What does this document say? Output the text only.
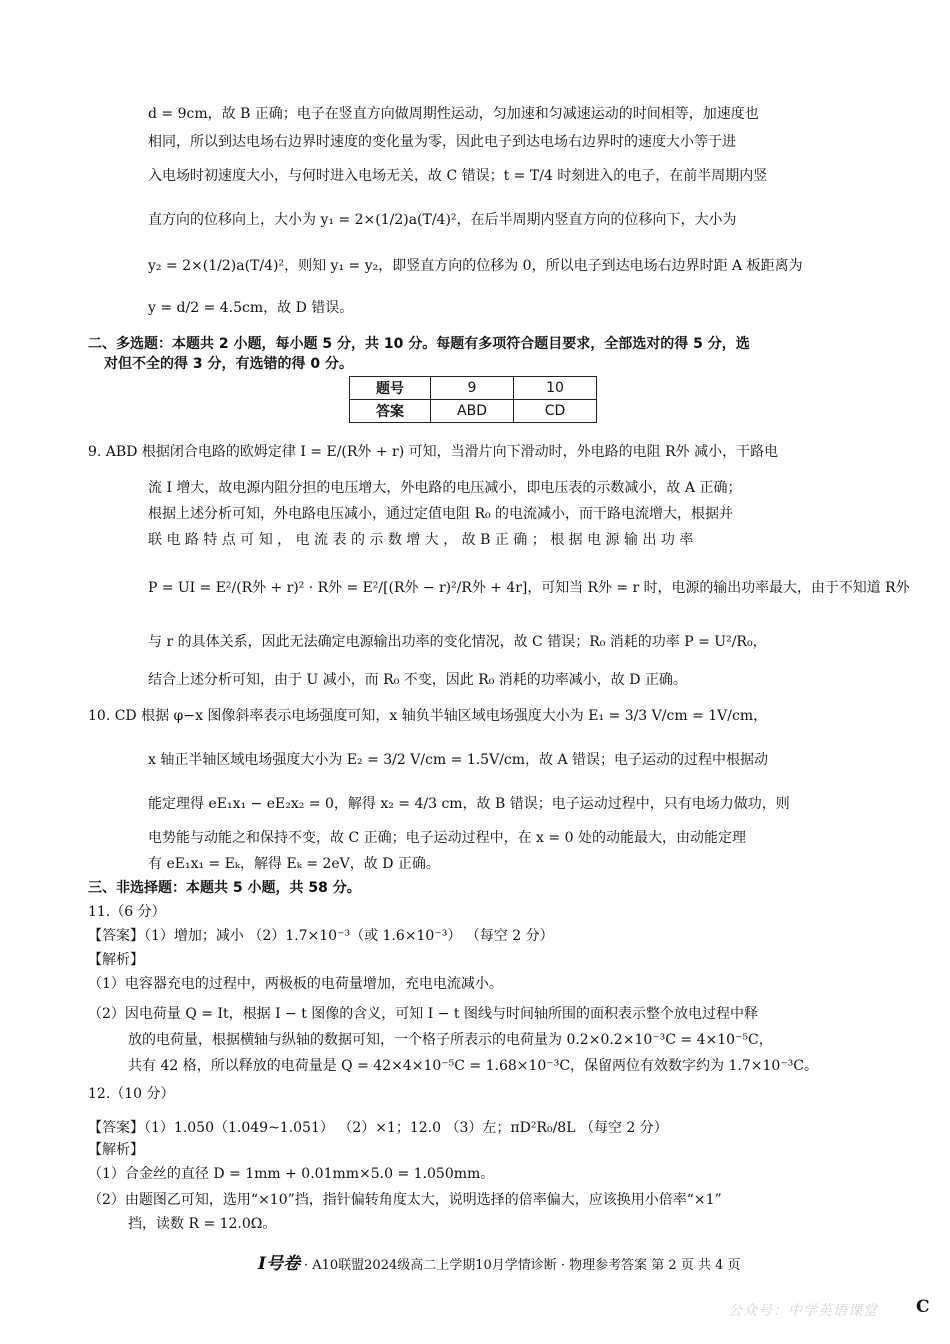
d = 9cm，故 B 正确；电子在竖直方向做周期性运动，匀加速和匀减速运动的时间相等，加速度也
相同，所以到达电场右边界时速度的变化量为零，因此电子到达电场右边界时的速度大小等于进
入电场时初速度大小，与何时进入电场无关，故 C 错误；t = T/4 时刻进入的电子，在前半周期内竖
直方向的位移向上，大小为 y₁ = 2×(1/2)a(T/4)²，在后半周期内竖直方向的位移向下，大小为
y₂ = 2×(1/2)a(T/4)²，则知 y₁ = y₂，即竖直方向的位移为 0，所以电子到达电场右边界时距 A 板距离为
y = d/2 = 4.5cm，故 D 错误。
二、多选题：本题共 2 小题，每小题 5 分，共 10 分。每题有多项符合题目要求，全部选对的得 5 分，选
对但不全的得 3 分，有选错的得 0 分。
题号	9	10
答案	ABD	CD
9. ABD 根据闭合电路的欧姆定律 I = E/(R外 + r) 可知，当滑片向下滑动时，外电路的电阻 R外 减小，干路电
流 I 增大，故电源内阻分担的电压增大，外电路的电压减小，即电压表的示数减小，故 A 正确；
根据上述分析可知，外电路电压减小，通过定值电阻 R₀ 的电流减小，而干路电流增大，根据并
联 电 路 特 点 可 知 ， 电 流 表 的 示 数 增 大 ， 故 B 正 确 ； 根 据 电 源 输 出 功 率
P = UI = E²/(R外 + r)² · R外 = E²/[(R外 − r)²/R外 + 4r]，可知当 R外 = r 时，电源的输出功率最大，由于不知道 R外
与 r 的具体关系，因此无法确定电源输出功率的变化情况，故 C 错误；R₀ 消耗的功率 P = U²/R₀，
结合上述分析可知，由于 U 减小，而 R₀ 不变，因此 R₀ 消耗的功率减小，故 D 正确。
10. CD 根据 φ−x 图像斜率表示电场强度可知，x 轴负半轴区域电场强度大小为 E₁ = 3/3 V/cm = 1V/cm，
x 轴正半轴区域电场强度大小为 E₂ = 3/2 V/cm = 1.5V/cm，故 A 错误；电子运动的过程中根据动
能定理得 eE₁x₁ − eE₂x₂ = 0，解得 x₂ = 4/3 cm，故 B 错误；电子运动过程中，只有电场力做功，则
电势能与动能之和保持不变，故 C 正确；电子运动过程中，在 x = 0 处的动能最大，由动能定理
有 eE₁x₁ = Eₖ，解得 Eₖ = 2eV，故 D 正确。
三、非选择题：本题共 5 小题，共 58 分。
11.（6 分）
【答案】（1）增加；减小 （2）1.7×10⁻³（或 1.6×10⁻³） （每空 2 分）
【解析】
（1）电容器充电的过程中，两极板的电荷量增加，充电电流减小。
（2）因电荷量 Q = It，根据 I − t 图像的含义，可知 I − t 图线与时间轴所围的面积表示整个放电过程中释
放的电荷量，根据横轴与纵轴的数据可知，一个格子所表示的电荷量为 0.2×0.2×10⁻³C = 4×10⁻⁵C，
共有 42 格，所以释放的电荷量是 Q = 42×4×10⁻⁵C = 1.68×10⁻³C，保留两位有效数字约为 1.7×10⁻³C。
12.（10 分）
【答案】（1）1.050（1.049~1.051） （2）×1；12.0 （3）左；πD²R₀/8L （每空 2 分）
【解析】
（1）合金丝的直径 D = 1mm + 0.01mm×5.0 = 1.050mm。
（2）由题图乙可知，选用“×10”挡，指针偏转角度太大，说明选择的倍率偏大，应该换用小倍率“×1”
挡，读数 R = 12.0Ω。
I号卷 · A10联盟2024级高二上学期10月学情诊断 · 物理参考答案 第 2 页 共 4 页
公众号：中学英语课堂 C
